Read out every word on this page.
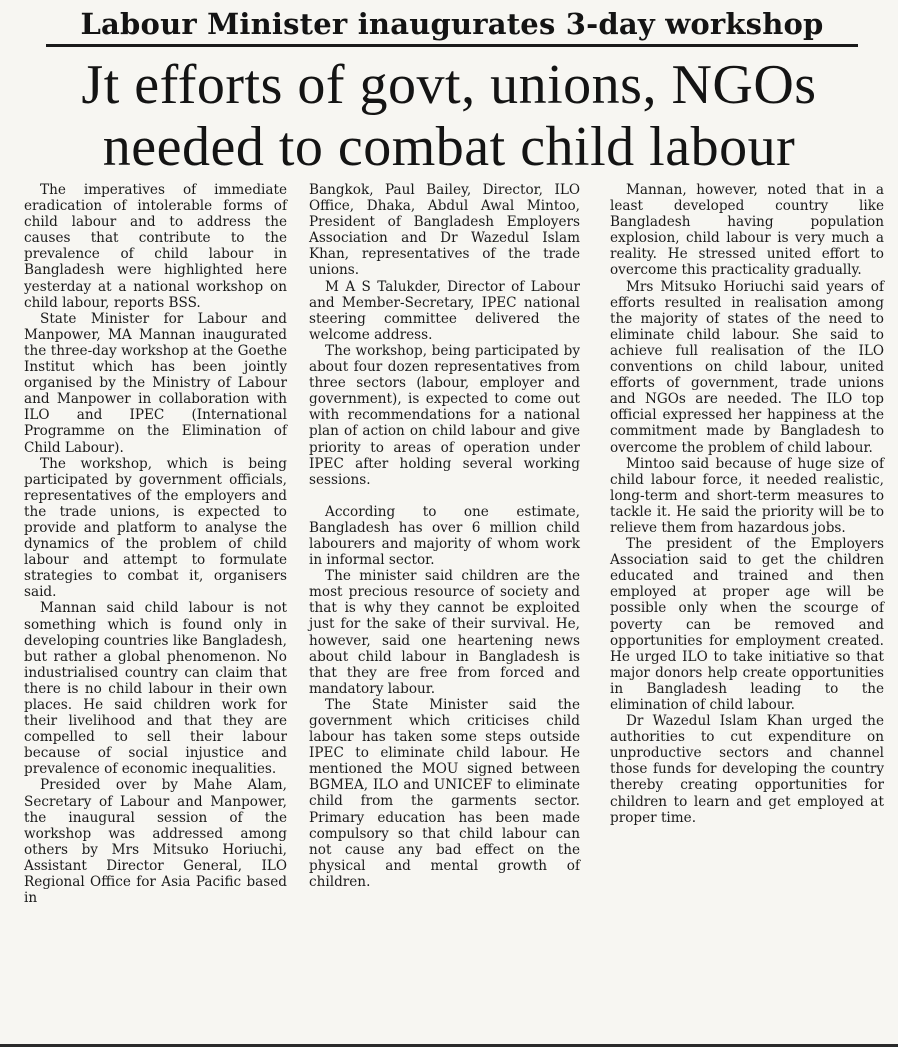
Labour Minister inaugurates 3-day workshop
Jt efforts of govt, unions, NGOs
needed to combat child labour

The imperatives of immediate eradication of intolerable forms of child labour and to address the causes that contribute to the prevalence of child labour in Bangladesh were highlighted here yesterday at a national workshop on child labour, reports BSS.

State Minister for Labour and Manpower, MA Mannan inaugurated the three-day workshop at the Goethe Institut which has been jointly organised by the Ministry of Labour and Manpower in collaboration with ILO and IPEC (International Programme on the Elimination of Child Labour).

The workshop, which is being participated by government officials, representatives of the employers and the trade unions, is expected to provide and platform to analyse the dynamics of the problem of child labour and attempt to formulate strategies to combat it, organisers said.

Mannan said child labour is not something which is found only in developing countries like Bangladesh, but rather a global phenomenon. No industrialised country can claim that there is no child labour in their own places. He said children work for their livelihood and that they are compelled to sell their labour because of social injustice and prevalence of economic inequalities.

Presided over by Mahe Alam, Secretary of Labour and Manpower, the inaugural session of the workshop was addressed among others by Mrs Mitsuko Horiuchi, Assistant Director General, ILO Regional Office for Asia Pacific based in

Bangkok, Paul Bailey, Director, ILO Office, Dhaka, Abdul Awal Mintoo, President of Bangladesh Employers Association and Dr Wazedul Islam Khan, representatives of the trade unions.

M A S Talukder, Director of Labour and Member-Secretary, IPEC national steering committee delivered the welcome address.

The workshop, being participated by about four dozen representatives from three sectors (labour, employer and government), is expected to come out with recommendations for a national plan of action on child labour and give priority to areas of operation under IPEC after holding several working sessions.

According to one estimate, Bangladesh has over 6 million child labourers and majority of whom work in informal sector.

The minister said children are the most precious resource of society and that is why they cannot be exploited just for the sake of their survival. He, however, said one heartening news about child labour in Bangladesh is that they are free from forced and mandatory labour.

The State Minister said the government which criticises child labour has taken some steps outside IPEC to eliminate child labour. He mentioned the MOU signed between BGMEA, ILO and UNICEF to eliminate child from the garments sector. Primary education has been made compulsory so that child labour can not cause any bad effect on the physical and mental growth of children.

Mannan, however, noted that in a least developed country like Bangladesh having population explosion, child labour is very much a reality. He stressed united effort to overcome this practicality gradually.

Mrs Mitsuko Horiuchi said years of efforts resulted in realisation among the majority of states of the need to eliminate child labour. She said to achieve full realisation of the ILO conventions on child labour, united efforts of government, trade unions and NGOs are needed. The ILO top official expressed her happiness at the commitment made by Bangladesh to overcome the problem of child labour.

Mintoo said because of huge size of child labour force, it needed realistic, long-term and short-term measures to tackle it. He said the priority will be to relieve them from hazardous jobs.

The president of the Employers Association said to get the children educated and trained and then employed at proper age will be possible only when the scourge of poverty can be removed and opportunities for employment created. He urged ILO to take initiative so that major donors help create opportunities in Bangladesh leading to the elimination of child labour.

Dr Wazedul Islam Khan urged the authorities to cut expenditure on unproductive sectors and channel those funds for developing the country thereby creating opportunities for children to learn and get employed at proper time.
